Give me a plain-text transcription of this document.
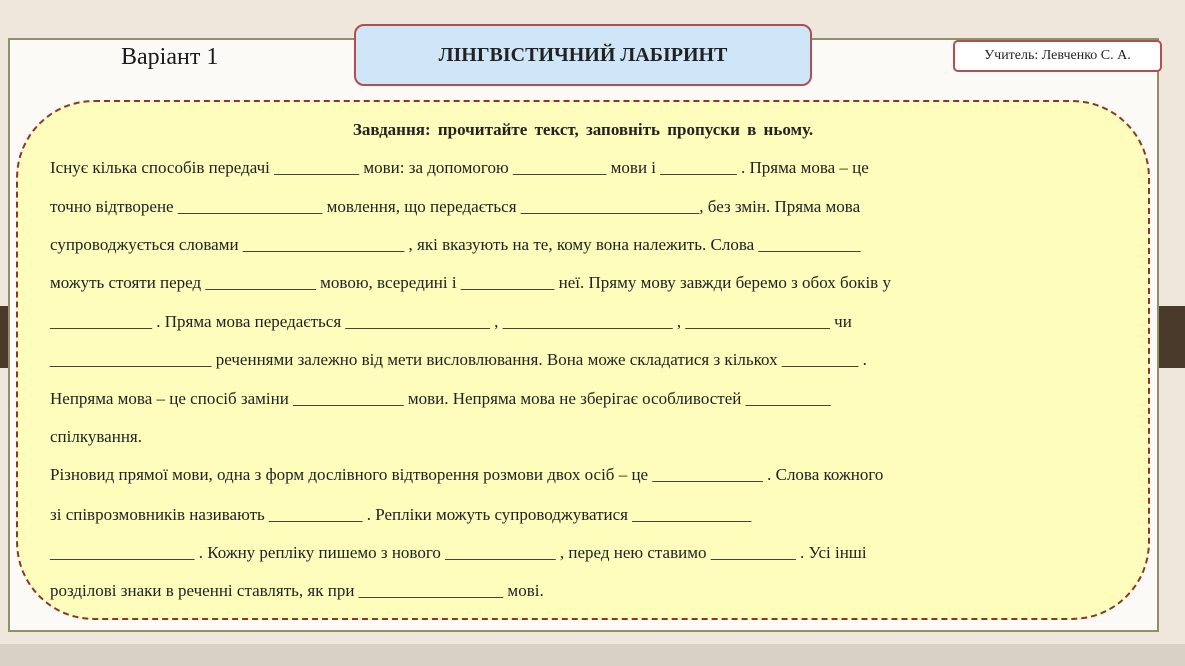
Варіант 1	ЛІНГВІСТИЧНИЙ ЛАБІРИНТ	Учитель: Левченко С. А.
Завдання: прочитайте текст, заповніть пропуски в ньому.
Існує кілька способів передачі __________ мови: за допомогою ___________ мови і _________ . Пряма мова – це
точно відтворене _________________ мовлення, що передається _____________________, без змін. Пряма мова
супроводжується словами ___________________ , які вказують на те, кому вона належить. Слова ____________
можуть стояти перед _____________ мовою, всередині і ___________ неї. Пряму мову завжди беремо з обох боків у
____________ . Пряма мова передається _________________ , ____________________ , _________________ чи
___________________ реченнями залежно від мети висловлювання. Вона може складатися з кількох _________ .
Непряма мова – це спосіб заміни _____________ мови. Непряма мова не зберігає особливостей __________
спілкування.
Різновид прямої мови, одна з форм дослівного відтворення розмови двох осіб – це _____________ . Слова кожного
зі співрозмовників називають ___________ . Репліки можуть супроводжуватися ______________
_________________ . Кожну репліку пишемо з нового _____________ , перед нею ставимо __________ . Усі інші
розділові знаки в реченні ставлять, як при _________________ мові.
